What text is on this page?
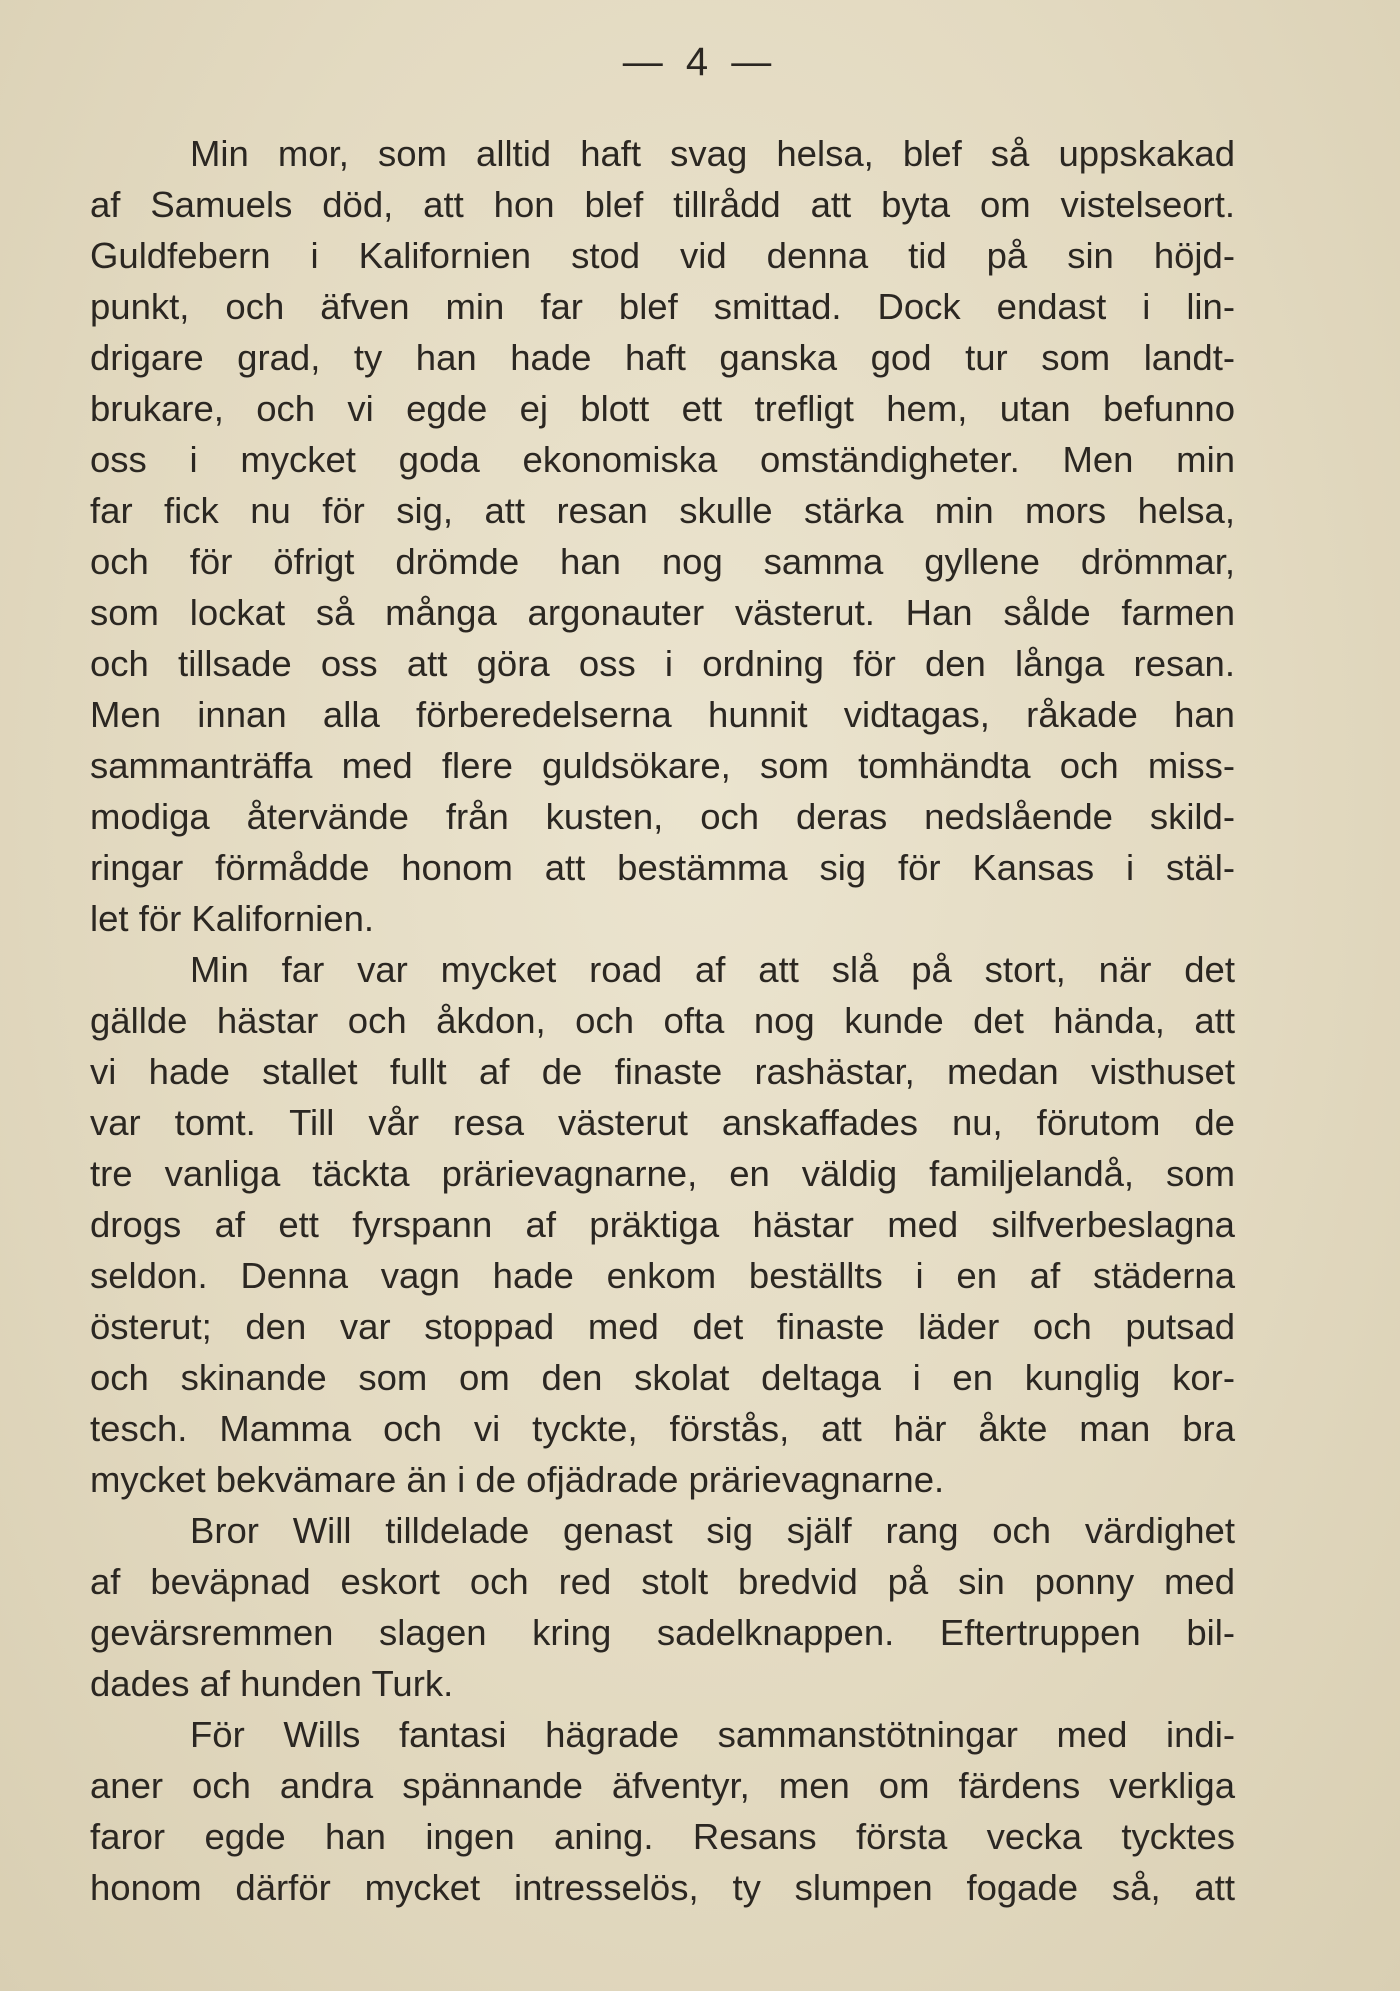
— 4 —
Min mor, som alltid haft svag helsa, blef så uppskakad
af Samuels död, att hon blef tillrådd att byta om vistelseort.
Guldfebern i Kalifornien stod vid denna tid på sin höjd-
punkt, och äfven min far blef smittad. Dock endast i lin-
drigare grad, ty han hade haft ganska god tur som landt-
brukare, och vi egde ej blott ett trefligt hem, utan befunno
oss i mycket goda ekonomiska omständigheter. Men min
far fick nu för sig, att resan skulle stärka min mors helsa,
och för öfrigt drömde han nog samma gyllene drömmar,
som lockat så många argonauter västerut. Han sålde farmen
och tillsade oss att göra oss i ordning för den långa resan.
Men innan alla förberedelserna hunnit vidtagas, råkade han
sammanträffa med flere guldsökare, som tomhändta och miss-
modiga återvände från kusten, och deras nedslående skild-
ringar förmådde honom att bestämma sig för Kansas i stäl-
let för Kalifornien.
Min far var mycket road af att slå på stort, när det
gällde hästar och åkdon, och ofta nog kunde det hända, att
vi hade stallet fullt af de finaste rashästar, medan visthuset
var tomt. Till vår resa västerut anskaffades nu, förutom de
tre vanliga täckta prärievagnarne, en väldig familjelandå, som
drogs af ett fyrspann af präktiga hästar med silfverbeslagna
seldon. Denna vagn hade enkom beställts i en af städerna
österut; den var stoppad med det finaste läder och putsad
och skinande som om den skolat deltaga i en kunglig kor-
tesch. Mamma och vi tyckte, förstås, att här åkte man bra
mycket bekvämare än i de ofjädrade prärievagnarne.
Bror Will tilldelade genast sig själf rang och värdighet
af beväpnad eskort och red stolt bredvid på sin ponny med
gevärsremmen slagen kring sadelknappen. Eftertruppen bil-
dades af hunden Turk.
För Wills fantasi hägrade sammanstötningar med indi-
aner och andra spännande äfventyr, men om färdens verkliga
faror egde han ingen aning. Resans första vecka tycktes
honom därför mycket intresselös, ty slumpen fogade så, att
